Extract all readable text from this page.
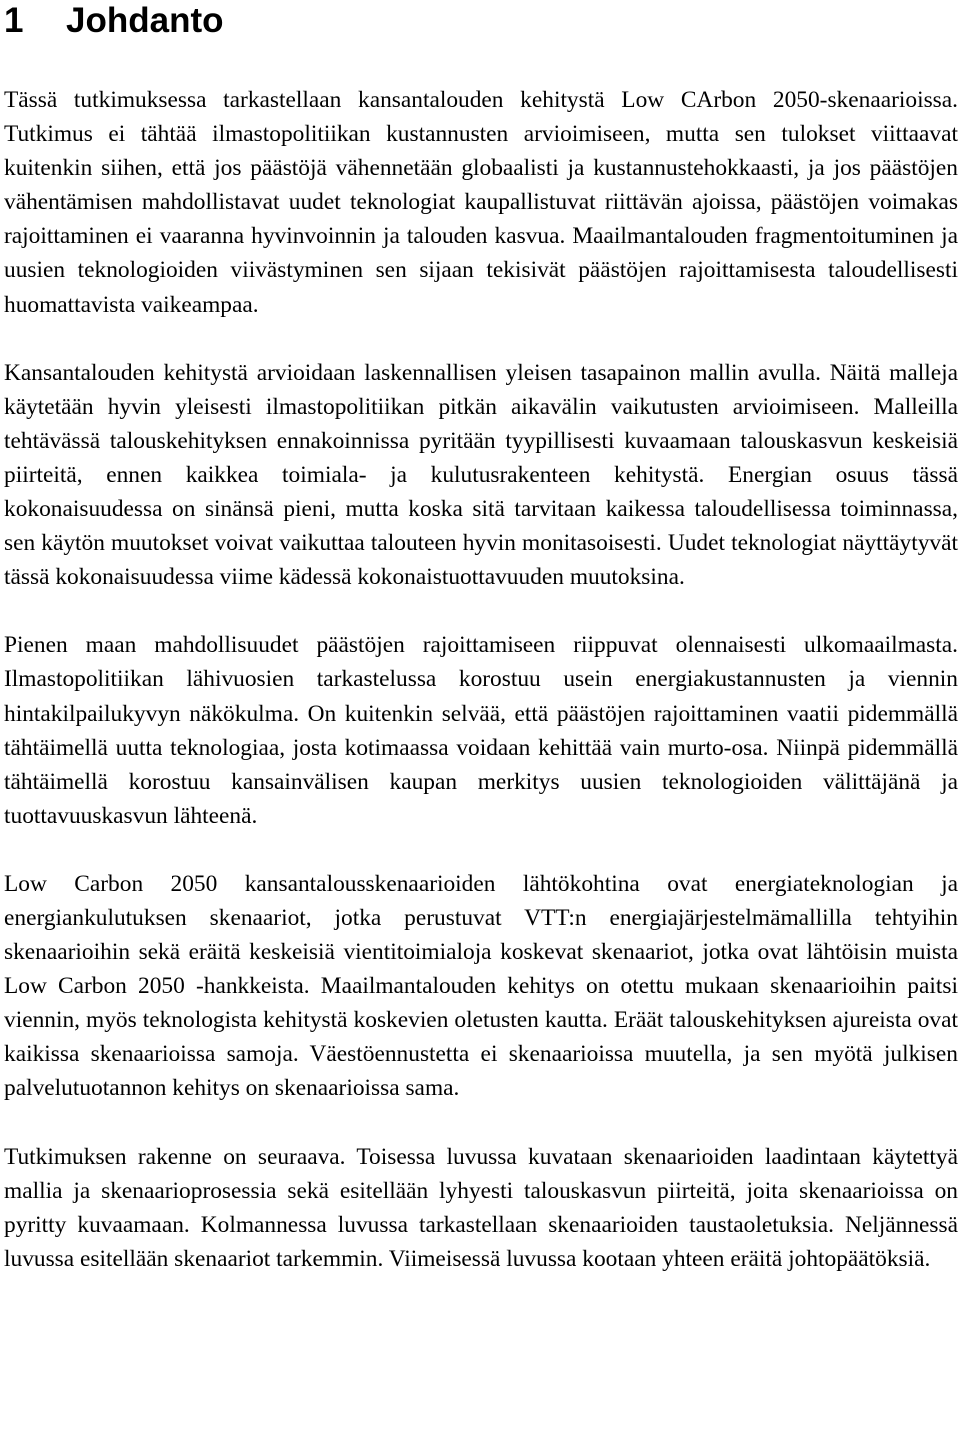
1	Johdanto

Tässä tutkimuksessa tarkastellaan kansantalouden kehitystä Low CArbon 2050-skenaarioissa. Tutkimus ei tähtää ilmastopolitiikan kustannusten arvioimiseen, mutta sen tulokset viittaavat kuitenkin siihen, että jos päästöjä vähennetään globaalisti ja kustannustehokkaasti, ja jos päästöjen vähentämisen mahdollistavat uudet teknologiat kaupallistuvat riittävän ajoissa, päästöjen voimakas rajoittaminen ei vaaranna hyvinvoinnin ja talouden kasvua. Maailmantalouden fragmentoituminen ja uusien teknologioiden viivästyminen sen sijaan tekisivät päästöjen rajoittamisesta taloudellisesti huomattavista vaikeampaa.

Kansantalouden kehitystä arvioidaan laskennallisen yleisen tasapainon mallin avulla. Näitä malleja käytetään hyvin yleisesti ilmastopolitiikan pitkän aikavälin vaikutusten arvioimiseen. Malleilla tehtävässä talouskehityksen ennakoinnissa pyritään tyypillisesti kuvaamaan talouskasvun keskeisiä piirteitä, ennen kaikkea toimiala- ja kulutusrakenteen kehitystä. Energian osuus tässä kokonaisuudessa on sinänsä pieni, mutta koska sitä tarvitaan kaikessa taloudellisessa toiminnassa, sen käytön muutokset voivat vaikuttaa talouteen hyvin monitasoisesti. Uudet teknologiat näyttäytyvät tässä kokonaisuudessa viime kädessä kokonaistuottavuuden muutoksina.

Pienen maan mahdollisuudet päästöjen rajoittamiseen riippuvat olennaisesti ulkomaailmasta. Ilmastopolitiikan lähivuosien tarkastelussa korostuu usein energiakustannusten ja viennin hintakilpailukyvyn näkökulma. On kuitenkin selvää, että päästöjen rajoittaminen vaatii pidemmällä tähtäimellä uutta teknologiaa, josta kotimaassa voidaan kehittää vain murto-osa. Niinpä pidemmällä tähtäimellä korostuu kansainvälisen kaupan merkitys uusien teknologioiden välittäjänä ja tuottavuuskasvun lähteenä.

Low Carbon 2050 kansantalousskenaarioiden lähtökohtina ovat energiateknologian ja energiankulutuksen skenaariot, jotka perustuvat VTT:n energiajärjestelmämallilla tehtyihin skenaarioihin sekä eräitä keskeisiä vientitoimialoja koskevat skenaariot, jotka ovat lähtöisin muista Low Carbon 2050 -hankkeista. Maailmantalouden kehitys on otettu mukaan skenaarioihin paitsi viennin, myös teknologista kehitystä koskevien oletusten kautta. Eräät talouskehityksen ajureista ovat kaikissa skenaarioissa samoja. Väestöennustetta ei skenaarioissa muutella, ja sen myötä julkisen palvelutuotannon kehitys on skenaarioissa sama.

Tutkimuksen rakenne on seuraava. Toisessa luvussa kuvataan skenaarioiden laadintaan käytettyä mallia ja skenaarioprosessia sekä esitellään lyhyesti talouskasvun piirteitä, joita skenaarioissa on pyritty kuvaamaan. Kolmannessa luvussa tarkastellaan skenaarioiden taustaoletuksia. Neljännessä luvussa esitellään skenaariot tarkemmin. Viimeisessä luvussa kootaan yhteen eräitä johtopäätöksiä.
